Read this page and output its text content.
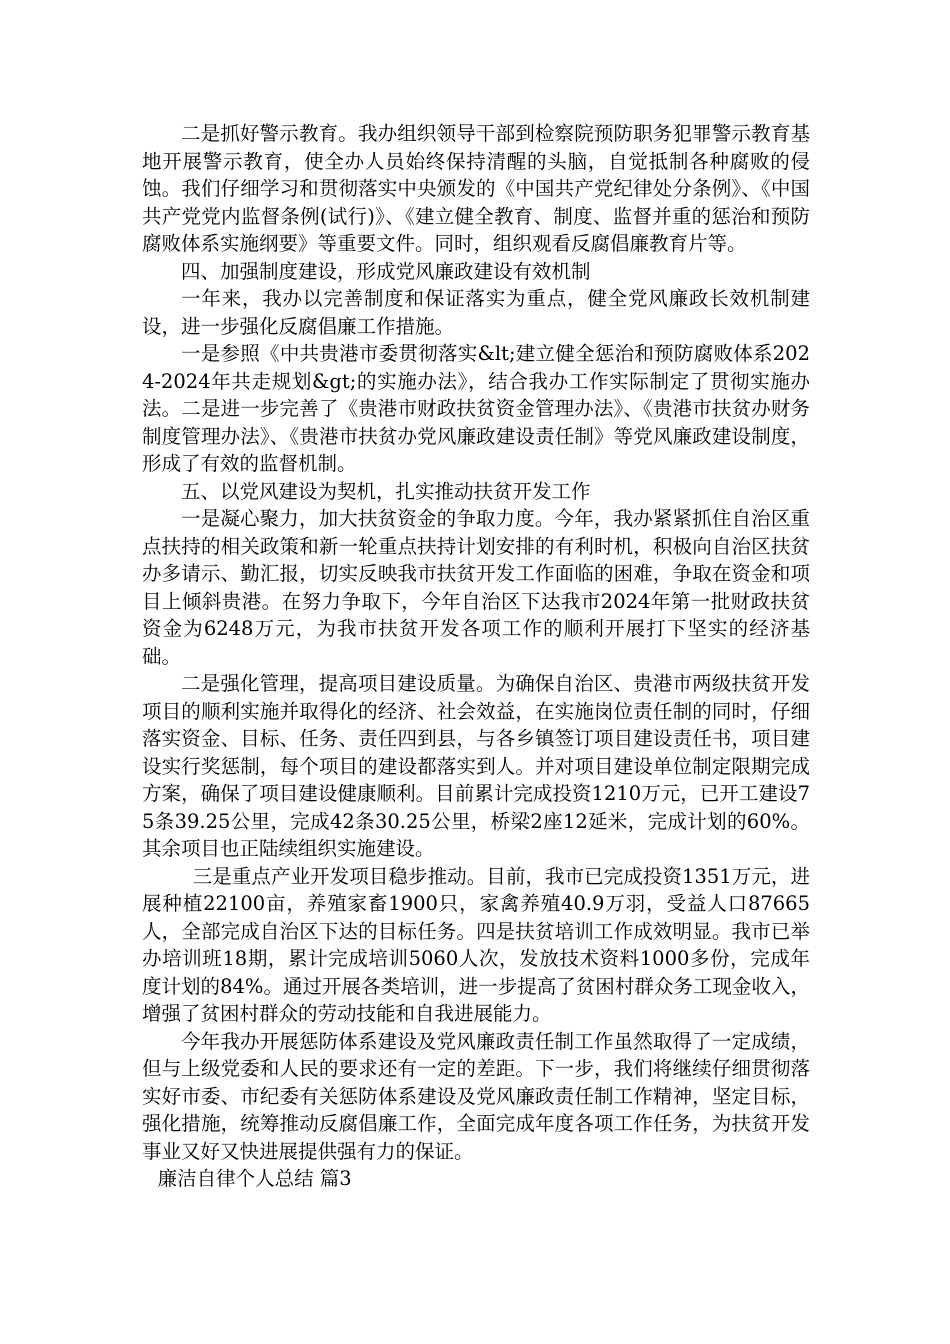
二是抓好警示教育。我办组织领导干部到检察院预防职务犯罪警示教育基地开展警示教育，使全办人员始终保持清醒的头脑，自觉抵制各种腐败的侵蚀。我们仔细学习和贯彻落实中央颁发的《中国共产党纪律处分条例》、《中国共产党党内监督条例(试行)》、《建立健全教育、制度、监督并重的惩治和预防腐败体系实施纲要》等重要文件。同时，组织观看反腐倡廉教育片等。

四、加强制度建设，形成党风廉政建设有效机制

一年来，我办以完善制度和保证落实为重点，健全党风廉政长效机制建设，进一步强化反腐倡廉工作措施。

一是参照《中共贵港市委贯彻落实&lt;建立健全惩治和预防腐败体系2024-2024年共走规划&gt;的实施办法》，结合我办工作实际制定了贯彻实施办法。二是进一步完善了《贵港市财政扶贫资金管理办法》、《贵港市扶贫办财务制度管理办法》、《贵港市扶贫办党风廉政建设责任制》等党风廉政建设制度，形成了有效的监督机制。

五、以党风建设为契机，扎实推动扶贫开发工作

一是凝心聚力，加大扶贫资金的争取力度。今年，我办紧紧抓住自治区重点扶持的相关政策和新一轮重点扶持计划安排的有利时机，积极向自治区扶贫办多请示、勤汇报，切实反映我市扶贫开发工作面临的困难，争取在资金和项目上倾斜贵港。在努力争取下，今年自治区下达我市2024年第一批财政扶贫资金为6248万元，为我市扶贫开发各项工作的顺利开展打下坚实的经济基础。

二是强化管理，提高项目建设质量。为确保自治区、贵港市两级扶贫开发项目的顺利实施并取得化的经济、社会效益，在实施岗位责任制的同时，仔细落实资金、目标、任务、责任四到县，与各乡镇签订项目建设责任书，项目建设实行奖惩制，每个项目的建设都落实到人。并对项目建设单位制定限期完成方案，确保了项目建设健康顺利。目前累计完成投资1210万元，已开工建设75条39.25公里，完成42条30.25公里，桥梁2座12延米，完成计划的60%。其余项目也正陆续组织实施建设。

三是重点产业开发项目稳步推动。目前，我市已完成投资1351万元，进展种植22100亩，养殖家畜1900只，家禽养殖40.9万羽，受益人口87665人，全部完成自治区下达的目标任务。四是扶贫培训工作成效明显。我市已举办培训班18期，累计完成培训5060人次，发放技术资料1000多份，完成年度计划的84%。通过开展各类培训，进一步提高了贫困村群众务工现金收入，增强了贫困村群众的劳动技能和自我进展能力。

今年我办开展惩防体系建设及党风廉政责任制工作虽然取得了一定成绩，但与上级党委和人民的要求还有一定的差距。下一步，我们将继续仔细贯彻落实好市委、市纪委有关惩防体系建设及党风廉政责任制工作精神，坚定目标，强化措施，统筹推动反腐倡廉工作，全面完成年度各项工作任务，为扶贫开发事业又好又快进展提供强有力的保证。

廉洁自律个人总结 篇3
